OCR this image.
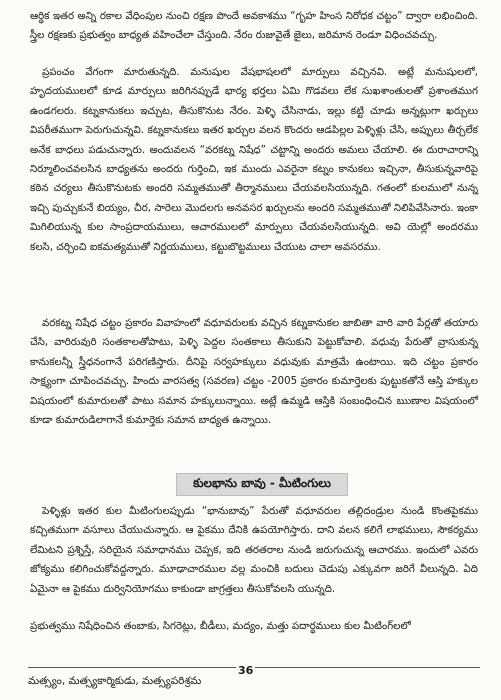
ఆర్థిక ఇతర అన్ని రకాల వేధింపుల నుంచి రక్షణ పొందే అవకాశము “గృహ హింస నిరోధక చట్టం” ద్వారా లభించింది. స్త్రీల రక్షణకు ప్రభుత్వం బాధ్యత వహించేలా చేస్తుంది. నేరం రుజువైతే జైలు, జరిమాన రెండూ విధించవచ్చు.

ప్రపంచం వేగంగా మారుతున్నది. మనుషుల వేషభాషలలో మార్పులు వచ్చినవి. అట్లే మనుషులలో, హృదయములలో కూడ మార్పులు జరిగినప్పుడే భార్య భర్తలు ఏమి గొడవలు లేక సుఖశాంతులతో ప్రశాంతముగ ఉండగలరు. కట్నకానుకలు ఇచ్చుట, తీసుకొనుట నేరం. పెళ్ళి చేసినాడు, ఇల్లు కట్టి చూడు అన్నట్లుగా ఖర్చులు విపరీతముగా పెరుగుచున్నవి. కట్నకానుకలు ఇతర ఖర్చుల వలన కొందరు ఆడపిల్లల పెళ్ళిళ్లు చేసి, అప్పులు తీర్చలేక అనేక బాధలు పడుచున్నారు. అందువలన “వరకట్న నిషేధ” చట్టాన్ని అందరు అమలు చేయాలి. ఈ దురాచారాన్ని నిర్మూలించవలసిన బాధ్యతను అందరు గుర్తించి, ఇక ముందు ఎవరైనా కట్నం కానుకలు ఇచ్చినా, తీసుకున్నవారిపై కఠిన చర్యలు తీసుకొనుటకు అందరి సమ్మతముతో తీర్మానములు చేయవలసియున్నది. గతంలో కులములో నున్న ఇచ్చి పుచ్చుకునే బియ్యం, చీర, సారెలు మొదలగు అనవసర ఖర్చులను అందరి సమ్మతముతో నిలిపివేసినారు. ఇంకా మిగిలియున్న కుల సాంప్రదాయములు, ఆచారములలో మార్పులు చేయవలసియున్నది. అవి యెల్లో అందరము కలసి, చర్చించి ఐకమత్యముతో నిర్ణయములు, కట్టుబొట్టములు చేయుట చాలా అవసరము.

వరకట్న నిషేధ చట్టం ప్రకారం వివాహంలో వధూవరులకు వచ్చిన కట్నకానుకల జాబితా వారి వారి పేర్లతో తయారు చేసి, వారిరువురి సంతకాలతోపాటు, పెళ్ళి పెద్దల సంతకాలు తీసుకుని పెట్టుకోవాలి. వధువు పేరుతో వ్రాసుకున్న కానుకలన్నీ స్త్రీధనంగానే పరిగణిస్తారు. దీనిపై సర్వహక్కులు వధువుకు మాత్రమే ఉంటాయి. ఇది చట్టం ప్రకారం సాక్ష్యంగా చూపించవచ్చు. హిందు వారసత్వ (సవరణ) చట్టం -2005 ప్రకారం కుమార్తెలకు పుట్టుకతోనే ఆస్తి హక్కుల విషయంలో కుమారులతో పాటు సమాన హక్కులున్నాయి. అట్లే ఉమ్మడి ఆస్తికి సంబంధించిన ఋణాల విషయంలో కూడా కుమారుడిలాగానే కుమార్తెకు సమాన బాధ్యత ఉన్నాయి.

కులభాను బావు - మీటింగులు

పెళ్ళిళ్లు ఇతర కుల మీటింగులప్పుడు “భానుబావు” పేరుతో వధూవరుల తల్లిదండ్రుల నుండి కొంతపైకము కచ్చితముగా వసూలు చేయుచున్నారు. ఆ పైకము దేనికి ఉపయోగిస్తారు. దాని వలన కలిగే లాభములు, సౌకర్యము లేమిటని ప్రశ్నిస్తే, సరియైన సమాధానము చెప్పక, ఇది తరతరాల నుండి జరుగుచున్న ఆచారము. ఇందులో ఎవరు జోక్యము కలిగించుకోవద్దన్నారు. మూఢాచారముల వల్ల మంచికి బదులు చెడుపు ఎక్కువగా జరిగే వీలున్నది. ఏది ఏమైనా ఆ పైకము దుర్వినియోగము కాకుండా జాగ్రత్తలు తీసుకోవలసి యున్నది.

ప్రభుత్వము నిషేధించిన తంబాకు, సిగరెట్లు, బీడీలు, మద్యం, మత్తు పదార్థములు కుల మీటింగ్‌లలో

36
మత్స్యం, మత్స్యకార్మికుడు, మత్స్యపరిశ్రమ
